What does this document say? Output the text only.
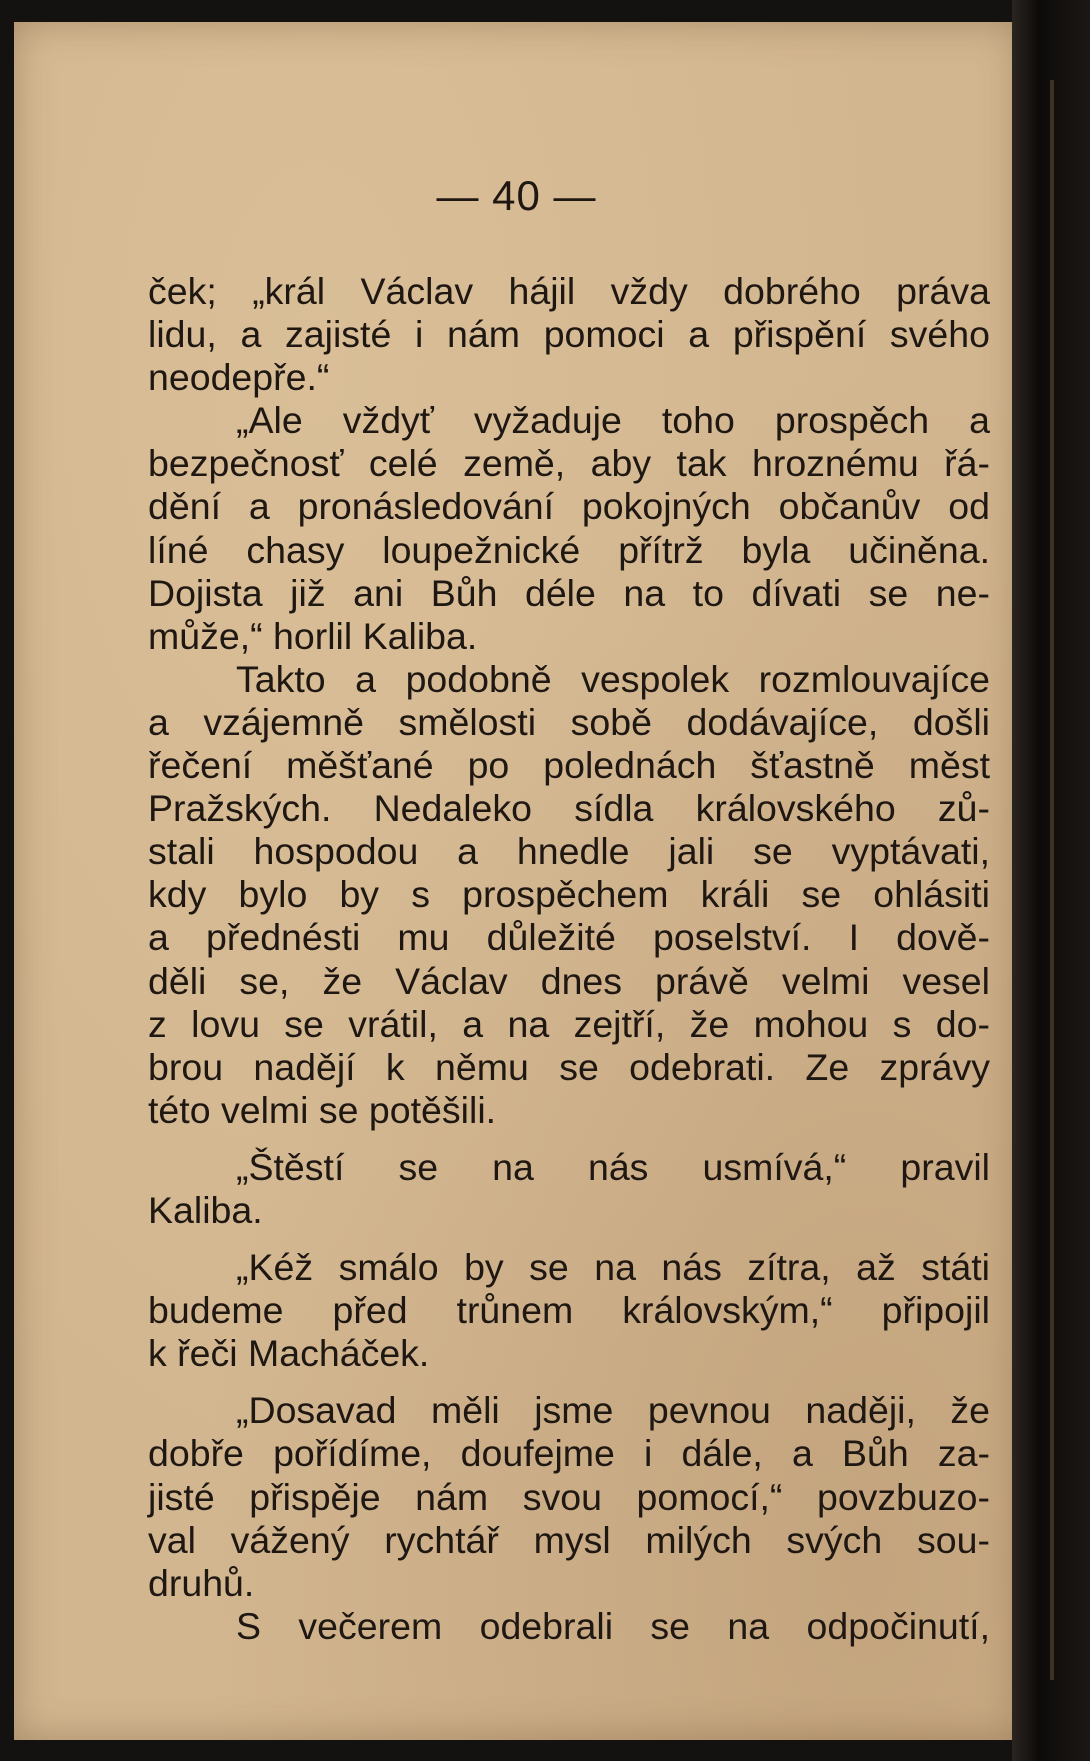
— 40 —
ček; „král Václav hájil vždy dobrého práva
lidu, a zajisté i nám pomoci a přispění svého
neodepře.“
„Ale vždyť vyžaduje toho prospěch a
bezpečnosť celé země, aby tak hroznému řá-
dění a pronásledování pokojných občanův od
líné chasy loupežnické přítrž byla učiněna.
Dojista již ani Bůh déle na to dívati se ne-
může,“ horlil Kaliba.
Takto a podobně vespolek rozmlouvajíce
a vzájemně smělosti sobě dodávajíce, došli
řečení měšťané po polednách šťastně měst
Pražských. Nedaleko sídla královského zů-
stali hospodou a hnedle jali se vyptávati,
kdy bylo by s prospěchem králi se ohlásiti
a přednésti mu důležité poselství. I dově-
děli se, že Václav dnes právě velmi vesel
z lovu se vrátil, a na zejtří, že mohou s do-
brou nadějí k němu se odebrati. Ze zprávy
této velmi se potěšili.
„Štěstí se na nás usmívá,“ pravil
Kaliba.
„Kéž smálo by se na nás zítra, až státi
budeme před trůnem královským,“ připojil
k řeči Macháček.
„Dosavad měli jsme pevnou naději, že
dobře pořídíme, doufejme i dále, a Bůh za-
jisté přispěje nám svou pomocí,“ povzbuzo-
val vážený rychtář mysl milých svých sou-
druhů.
S večerem odebrali se na odpočinutí,
